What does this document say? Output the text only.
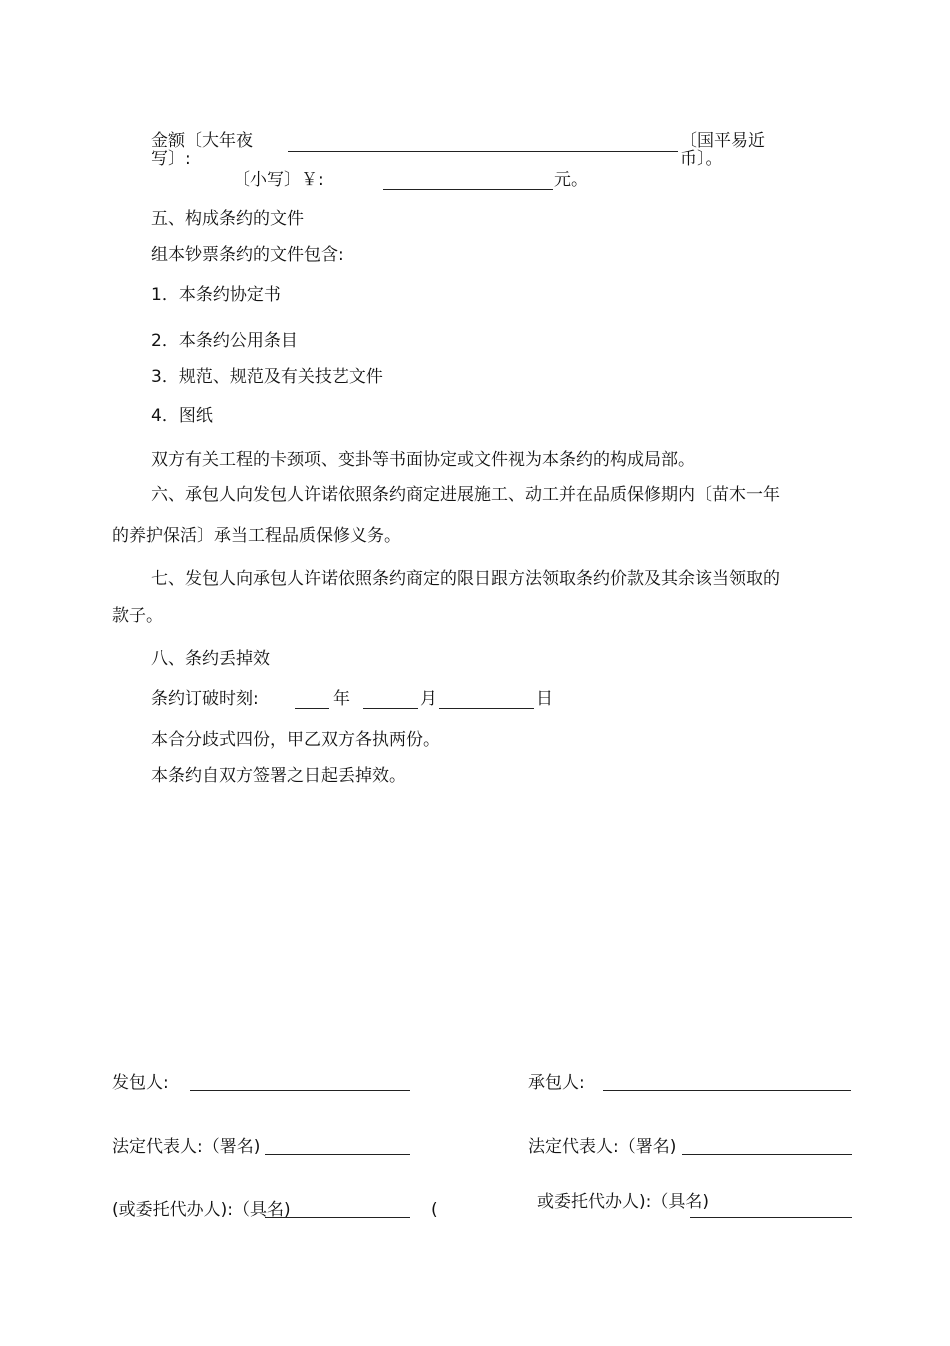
金额〔大年夜
写〕:
〔国平易近
币〕。
〔小写〕￥:	元。
五、构成条约的文件
组本钞票条约的文件包含:
1．本条约协定书
2．本条约公用条目
3．规范、规范及有关技艺文件
4．图纸
双方有关工程的卡颈项、变卦等书面协定或文件视为本条约的构成局部。
六、承包人向发包人许诺依照条约商定进展施工、动工并在品质保修期内〔苗木一年
的养护保活〕承当工程品质保修义务。
七、发包人向承包人许诺依照条约商定的限日跟方法领取条约价款及其余该当领取的
款子。
八、条约丢掉效
条约订破时刻:	年	月	日
本合分歧式四份，甲乙双方各执两份。
本条约自双方签署之日起丢掉效。
发包人:	承包人:
法定代表人:（署名)	法定代表人:（署名)
(或委托代办人):（具名)	(	或委托代办人):（具名)
